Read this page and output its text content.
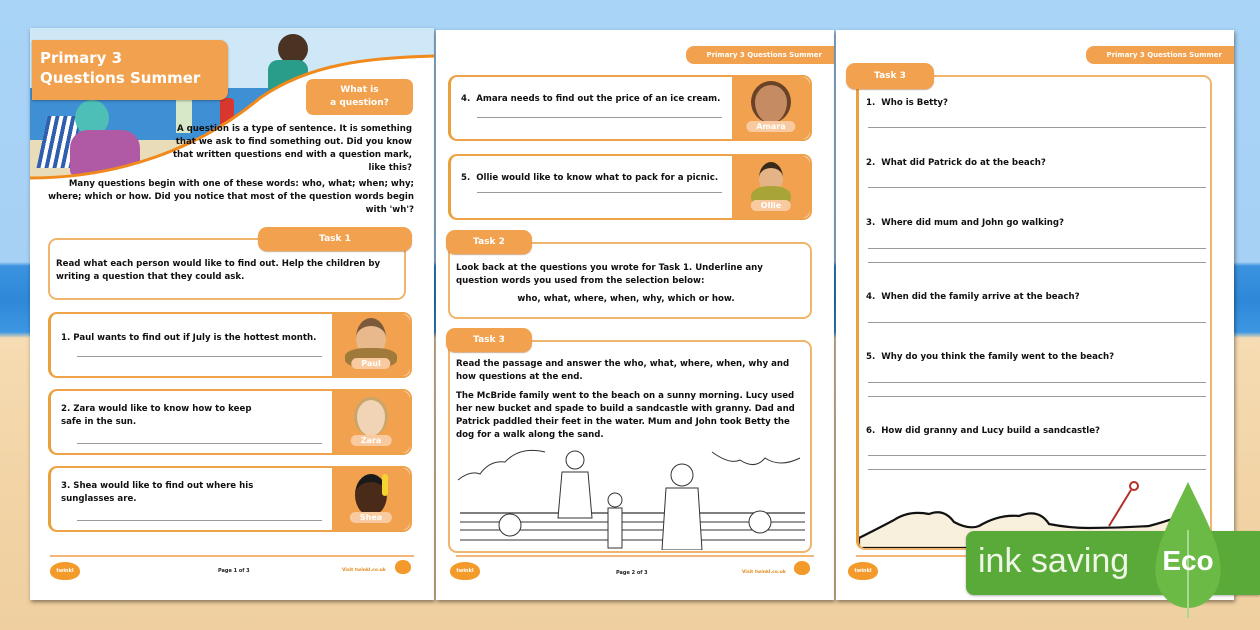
Primary 3
Questions Summer
What is
a question?
A question is a type of sentence. It is something that we ask to find something out. Did you know that written questions end with a question mark, like this?
Many questions begin with one of these words: who, what; when; why; where; which or how. Did you notice that most of the question words begin with 'wh'?
Task 1
Read what each person would like to find out. Help the children by writing a question that they could ask.
1. Paul wants to find out if July is the hottest month.
Paul
2. Zara would like to know how to keep safe in the sun.
Zara
3. Shea would like to find out where his sunglasses are.
Shea
twinkl	Page 1 of 3	Visit twinkl.co.uk
Primary 3 Questions Summer
4. Amara needs to find out the price of an ice cream.
Amara
5. Ollie would like to know what to pack for a picnic.
Ollie
Task 2
Look back at the questions you wrote for Task 1. Underline any question words you used from the selection below:
who, what, where, when, why, which or how.
Task 3
Read the passage and answer the who, what, where, when, why and how questions at the end.
The McBride family went to the beach on a sunny morning. Lucy used her new bucket and spade to build a sandcastle with granny. Dad and Patrick paddled their feet in the water. Mum and John took Betty the dog for a walk along the sand.
twinkl	Page 2 of 3	Visit twinkl.co.uk
Primary 3 Questions Summer
Task 3
1. Who is Betty?
2. What did Patrick do at the beach?
3. Where did mum and John go walking?
4. When did the family arrive at the beach?
5. Why do you think the family went to the beach?
6. How did granny and Lucy build a sandcastle?
twinkl	ink saving	Eco
